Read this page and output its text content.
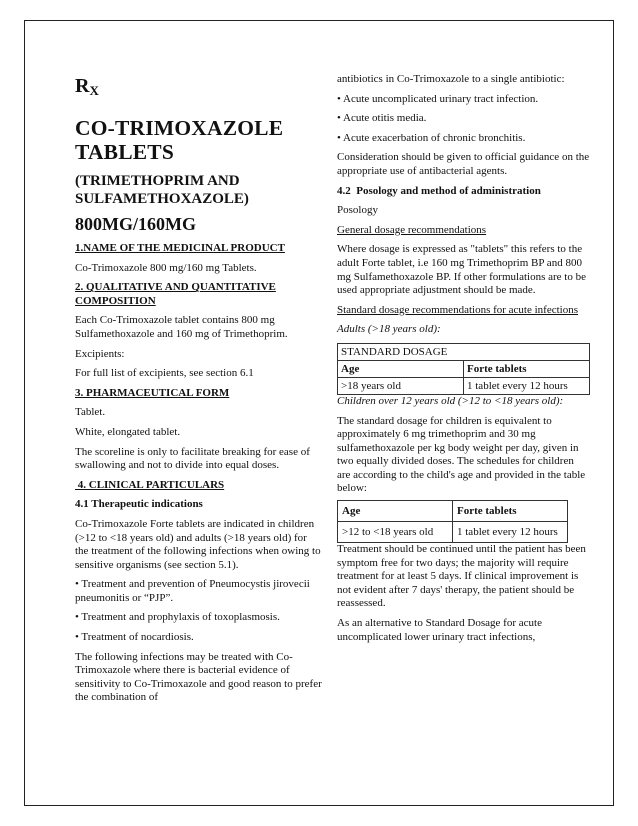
$R_X$
CO-TRIMOXAZOLE TABLETS
(TRIMETHOPRIM AND SULFAMETHOXAZOLE)
800MG/160MG

1.NAME OF THE MEDICINAL PRODUCT

Co-Trimoxazole 800 mg/160 mg Tablets.

2. QUALITATIVE AND QUANTITATIVE COMPOSITION

Each Co-Trimoxazole tablet contains 800 mg Sulfamethoxazole and 160 mg of Trimethoprim.

Excipients:

For full list of excipients, see section 6.1

3. PHARMACEUTICAL FORM

Tablet.

White, elongated tablet.

The scoreline is only to facilitate breaking for ease of swallowing and not to divide into equal doses.

4. CLINICAL PARTICULARS

4.1 Therapeutic indications

Co-Trimoxazole Forte tablets are indicated in children (>12 to <18 years old) and adults (>18 years old) for the treatment of the following infections when owing to sensitive organisms (see section 5.1).

• Treatment and prevention of Pneumocystis jirovecii pneumonitis or “PJP”.

• Treatment and prophylaxis of toxoplasmosis.

• Treatment of nocardiosis.

The following infections may be treated with Co-Trimoxazole where there is bacterial evidence of sensitivity to Co-Trimoxazole and good reason to prefer the combination of

antibiotics in Co-Trimoxazole to a single antibiotic:

• Acute uncomplicated urinary tract infection.

• Acute otitis media.

• Acute exacerbation of chronic bronchitis.

Consideration should be given to official guidance on the appropriate use of antibacterial agents.

4.2  Posology and method of administration

Posology

General dosage recommendations

Where dosage is expressed as "tablets" this refers to the adult Forte tablet, i.e 160 mg Trimethoprim BP and 800 mg Sulfamethoxazole BP. If other formulations are to be used appropriate adjustment should be made.

Standard dosage recommendations for acute infections

Adults (>18 years old):

STANDARD DOSAGE	
Age	Forte tablets
>18 years old	1 tablet every 12 hours

Children over 12 years old (>12 to <18 years old):

The standard dosage for children is equivalent to approximately 6 mg trimethoprim and 30 mg sulfamethoxazole per kg body weight per day, given in two equally divided doses. The schedules for children are according to the child's age and provided in the table below:

Age	Forte tablets
>12 to <18 years old	1 tablet every 12 hours

Treatment should be continued until the patient has been symptom free for two days; the majority will require treatment for at least 5 days. If clinical improvement is not evident after 7 days' therapy, the patient should be reassessed.

As an alternative to Standard Dosage for acute uncomplicated lower urinary tract infections,
